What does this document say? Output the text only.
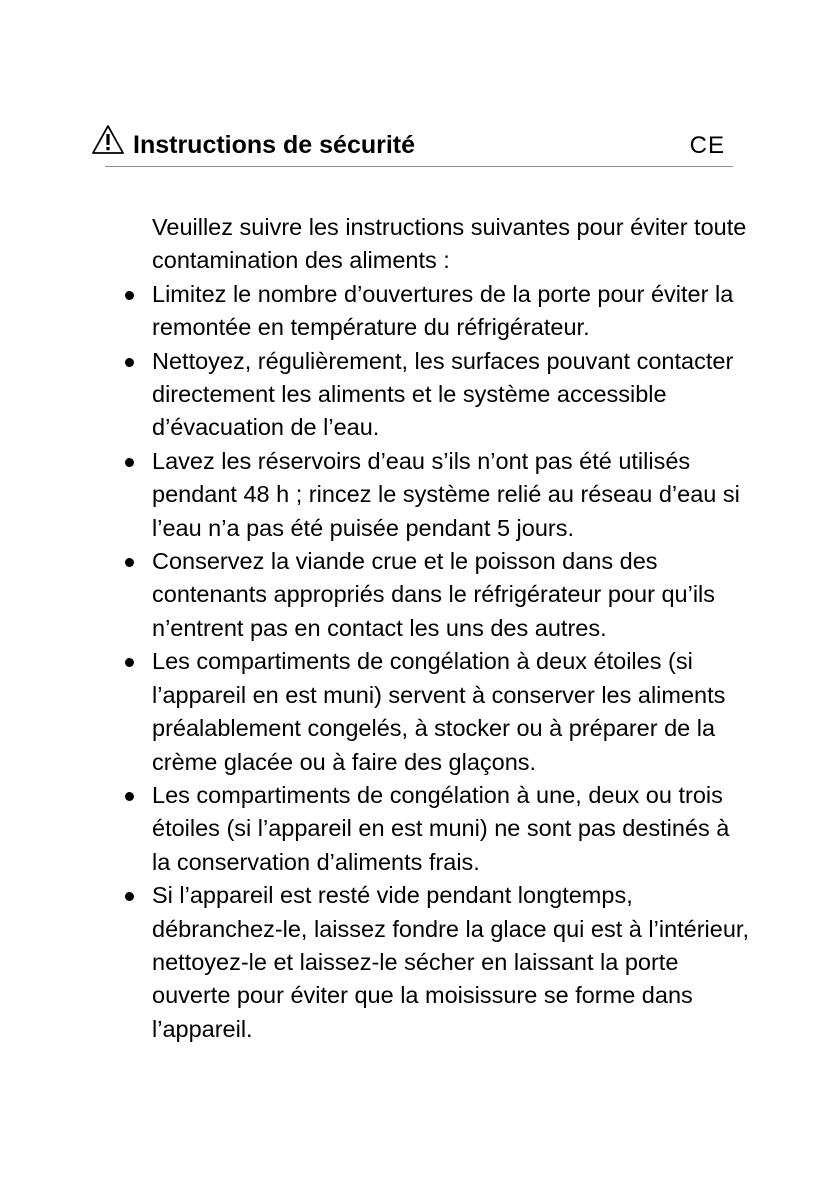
Instructions de sécurité	CE

Veuillez suivre les instructions suivantes pour éviter toute contamination des aliments :

Limitez le nombre d’ouvertures de la porte pour éviter la remontée en température du réfrigérateur.
Nettoyez, régulièrement, les surfaces pouvant contacter directement les aliments et le système accessible d’évacuation de l’eau.
Lavez les réservoirs d’eau s’ils n’ont pas été utilisés pendant 48 h ; rincez le système relié au réseau d’eau si l’eau n’a pas été puisée pendant 5 jours.
Conservez la viande crue et le poisson dans des contenants appropriés dans le réfrigérateur pour qu’ils n’entrent pas en contact les uns des autres.
Les compartiments de congélation à deux étoiles (si l’appareil en est muni) servent à conserver les aliments préalablement congelés, à stocker ou à préparer de la crème glacée ou à faire des glaçons.
Les compartiments de congélation à une, deux ou trois étoiles (si l’appareil en est muni) ne sont pas destinés à la conservation d’aliments frais.
Si l’appareil est resté vide pendant longtemps, débranchez-le, laissez fondre la glace qui est à l’intérieur, nettoyez-le et laissez-le sécher en laissant la porte ouverte pour éviter que la moisissure se forme dans l’appareil.
